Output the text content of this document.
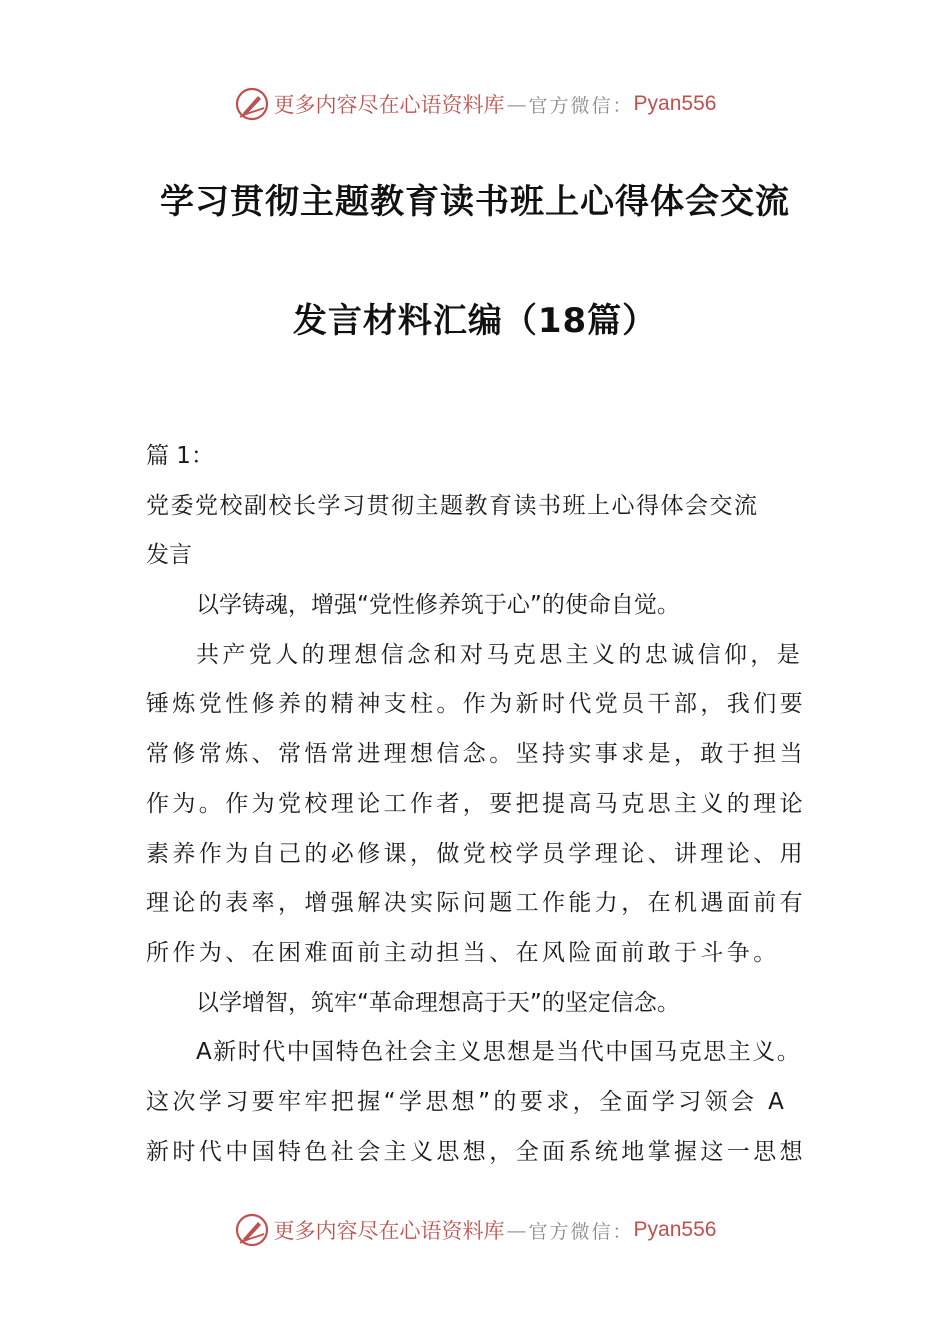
更多内容尽在心语资料库 — 官方微信： Pyan556
学习贯彻主题教育读书班上心得体会交流
发言材料汇编（18篇）
篇 1：
党委党校副校长学习贯彻主题教育读书班上心得体会交流
发言
以学铸魂，增强“党性修养筑于心”的使命自觉。
共产党人的理想信念和对马克思主义的忠诚信仰，是
锤炼党性修养的精神支柱。作为新时代党员干部，我们要
常修常炼、常悟常进理想信念。坚持实事求是，敢于担当
作为。作为党校理论工作者，要把提高马克思主义的理论
素养作为自己的必修课，做党校学员学理论、讲理论、用
理论的表率，增强解决实际问题工作能力，在机遇面前有
所作为、在困难面前主动担当、在风险面前敢于斗争。
以学增智，筑牢“革命理想高于天”的坚定信念。
A新时代中国特色社会主义思想是当代中国马克思主义。
这次学习要牢牢把握“学思想”的要求，全面学习领会 A
新时代中国特色社会主义思想，全面系统地掌握这一思想
更多内容尽在心语资料库 — 官方微信： Pyan556
